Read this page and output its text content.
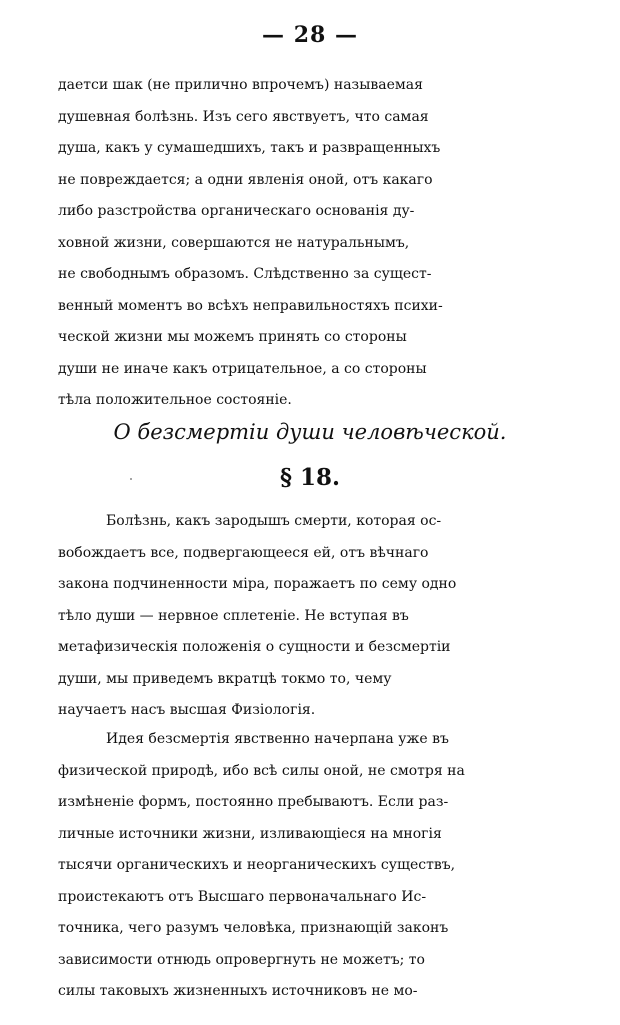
— 28 —
даетси шак (не прилично впрочемъ) называемая
душевная болѣзнь. Изъ сего явствуетъ, что самая
душа, какъ у сумашедшихъ, такъ и развращенныхъ
не повреждается; а одни явленія оной, отъ какаго
либо разстройства органическаго основанія ду-
ховной жизни, совершаются не натуральнымъ,
не свободнымъ образомъ. Слѣдственно за сущест-
венный моментъ во всѣхъ неправильностяхъ психи-
ческой жизни мы можемъ принять со стороны
души не иначе какъ отрицательное, а со стороны
тѣла положительное состояніе.
О безсмертіи души человѣческой.
§ 18.
Болѣзнь, какъ зародышъ смерти, которая ос-
вобождаетъ все, подвергающееся ей, отъ вѣчнаго
закона подчиненности міра, поражаетъ по сему одно
тѣло души — нервное сплетеніе. Не вступая въ
метафизическія положенія о сущности и безсмертіи
души, мы приведемъ вкратцѣ токмо то, чему
научаетъ насъ высшая Физіологія.
Идея безсмертія явственно начерпана уже въ
физической природѣ, ибо всѣ силы оной, не смотря на
измѣненіе формъ, постоянно пребываютъ. Если раз-
личные источники жизни, изливающіеся на многія
тысячи органическихъ и неорганическихъ существъ,
проистекаютъ отъ Высшаго первоначальнаго Ис-
точника, чего разумъ человѣка, признающій законъ
зависимости отнюдь опровергнуть не можетъ; то
силы таковыхъ жизненныхъ источниковъ не мо-
